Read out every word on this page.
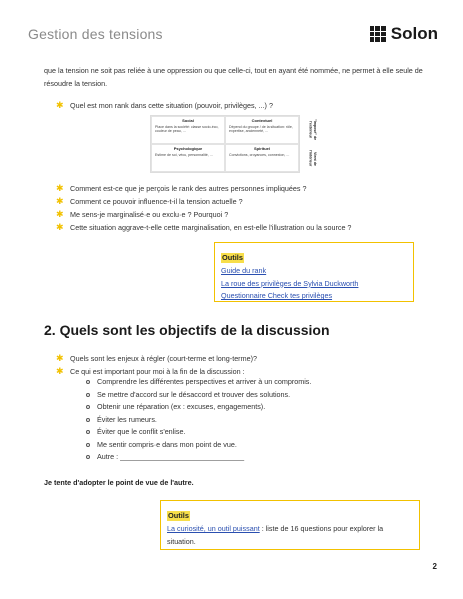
Gestion des tensions	Solon

que la tension ne soit pas reliée à une oppression ou que celle-ci, tout en ayant été nommée, ne permet à elle seule de résoudre la tension.

✱ Quel est mon rank dans cette situation (pouvoir, privilèges, ...) ?
Social
Place dans la société: classe socio-éco, couleur de peau, ...
Contextuel
Dépend du groupe / de la situation: rôle, expertise, ancienneté, ...
Psychologique
Estime de soi, vécu, personnalité, ...
Spirituel
Convictions, croyances, connexion, ...
"Imposé" de l'extérieur
Vient de l'intérieur
✱ Comment est-ce que je perçois le rank des autres personnes impliquées ?
✱ Comment ce pouvoir influence-t-il la tension actuelle ?
✱ Me sens-je marginalisé·e ou exclu·e ? Pourquoi ?
✱ Cette situation aggrave-t-elle cette marginalisation, en est-elle l'illustration ou la source ?
Outils
Guide du rank
La roue des privilèges de Sylvia Duckworth
Questionnaire Check tes privilèges
2. Quels sont les objectifs de la discussion
✱ Quels sont les enjeux à régler (court-terme et long-terme)?
✱ Ce qui est important pour moi à la fin de la discussion :
Comprendre les différentes perspectives et arriver à un compromis.
Se mettre d'accord sur le désaccord et trouver des solutions.
Obtenir une réparation (ex : excuses, engagements).
Éviter les rumeurs.
Éviter que le conflit s'enlise.
Me sentir compris·e dans mon point de vue.
Autre : _______________________________
Je tente d'adopter le point de vue de l'autre.
Outils
La curiosité, un outil puissant : liste de 16 questions pour explorer la
situation.
2
